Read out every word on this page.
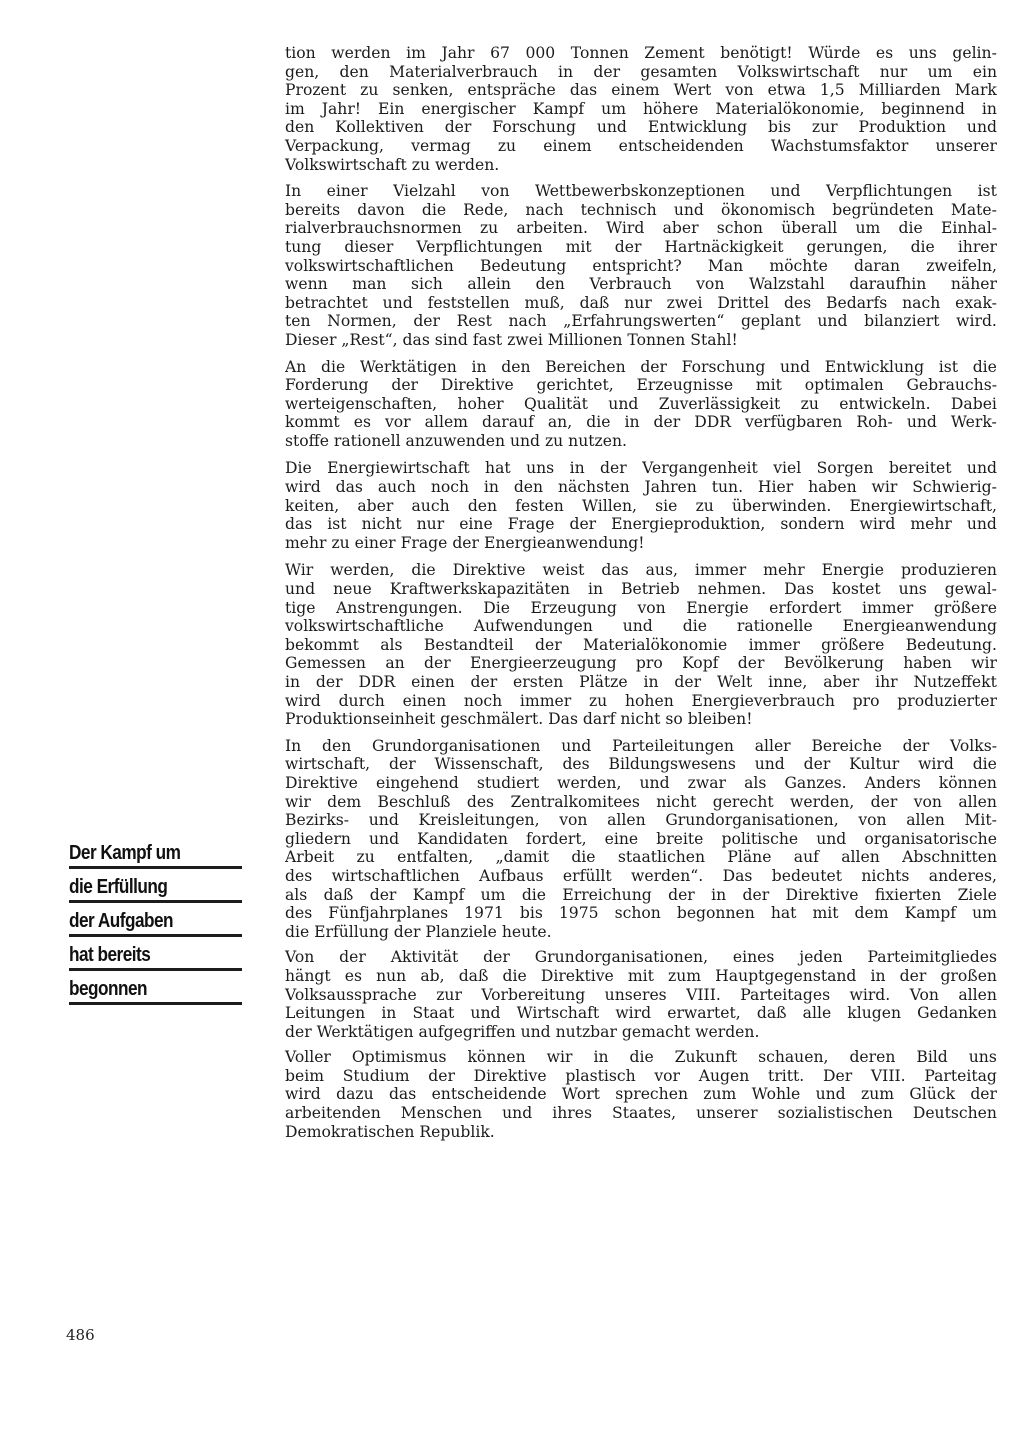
tion werden im Jahr 67 000 Tonnen Zement benötigt! Würde es uns gelin-
gen, den Materialverbrauch in der gesamten Volkswirtschaft nur um ein
Prozent zu senken, entspräche das einem Wert von etwa 1,5 Milliarden Mark
im Jahr! Ein energischer Kampf um höhere Materialökonomie, beginnend in
den Kollektiven der Forschung und Entwicklung bis zur Produktion und
Verpackung, vermag zu einem entscheidenden Wachstumsfaktor unserer
Volkswirtschaft zu werden.
In einer Vielzahl von Wettbewerbskonzeptionen und Verpflichtungen ist
bereits davon die Rede, nach technisch und ökonomisch begründeten Mate-
rialverbrauchsnormen zu arbeiten. Wird aber schon überall um die Einhal-
tung dieser Verpflichtungen mit der Hartnäckigkeit gerungen, die ihrer
volkswirtschaftlichen Bedeutung entspricht? Man möchte daran zweifeln,
wenn man sich allein den Verbrauch von Walzstahl daraufhin näher
betrachtet und feststellen muß, daß nur zwei Drittel des Bedarfs nach exak-
ten Normen, der Rest nach „Erfahrungswerten“ geplant und bilanziert wird.
Dieser „Rest“, das sind fast zwei Millionen Tonnen Stahl!
An die Werktätigen in den Bereichen der Forschung und Entwicklung ist die
Forderung der Direktive gerichtet, Erzeugnisse mit optimalen Gebrauchs-
werteigenschaften, hoher Qualität und Zuverlässigkeit zu entwickeln. Dabei
kommt es vor allem darauf an, die in der DDR verfügbaren Roh- und Werk-
stoffe rationell anzuwenden und zu nutzen.
Die Energiewirtschaft hat uns in der Vergangenheit viel Sorgen bereitet und
wird das auch noch in den nächsten Jahren tun. Hier haben wir Schwierig-
keiten, aber auch den festen Willen, sie zu überwinden. Energiewirtschaft,
das ist nicht nur eine Frage der Energieproduktion, sondern wird mehr und
mehr zu einer Frage der Energieanwendung!
Wir werden, die Direktive weist das aus, immer mehr Energie produzieren
und neue Kraftwerkskapazitäten in Betrieb nehmen. Das kostet uns gewal-
tige Anstrengungen. Die Erzeugung von Energie erfordert immer größere
volkswirtschaftliche Aufwendungen und die rationelle Energieanwendung
bekommt als Bestandteil der Materialökonomie immer größere Bedeutung.
Gemessen an der Energieerzeugung pro Kopf der Bevölkerung haben wir
in der DDR einen der ersten Plätze in der Welt inne, aber ihr Nutzeffekt
wird durch einen noch immer zu hohen Energieverbrauch pro produzierter
Produktionseinheit geschmälert. Das darf nicht so bleiben!
In den Grundorganisationen und Parteileitungen aller Bereiche der Volks-
wirtschaft, der Wissenschaft, des Bildungswesens und der Kultur wird die
Direktive eingehend studiert werden, und zwar als Ganzes. Anders können
wir dem Beschluß des Zentralkomitees nicht gerecht werden, der von allen
Bezirks- und Kreisleitungen, von allen Grundorganisationen, von allen Mit-
gliedern und Kandidaten fordert, eine breite politische und organisatorische
Arbeit zu entfalten, „damit die staatlichen Pläne auf allen Abschnitten
des wirtschaftlichen Aufbaus erfüllt werden“. Das bedeutet nichts anderes,
als daß der Kampf um die Erreichung der in der Direktive fixierten Ziele
des Fünfjahrplanes 1971 bis 1975 schon begonnen hat mit dem Kampf um
die Erfüllung der Planziele heute.
Von der Aktivität der Grundorganisationen, eines jeden Parteimitgliedes
hängt es nun ab, daß die Direktive mit zum Hauptgegenstand in der großen
Volksaussprache zur Vorbereitung unseres VIII. Parteitages wird. Von allen
Leitungen in Staat und Wirtschaft wird erwartet, daß alle klugen Gedanken
der Werktätigen aufgegriffen und nutzbar gemacht werden.
Voller Optimismus können wir in die Zukunft schauen, deren Bild uns
beim Studium der Direktive plastisch vor Augen tritt. Der VIII. Parteitag
wird dazu das entscheidende Wort sprechen zum Wohle und zum Glück der
arbeitenden Menschen und ihres Staates, unserer sozialistischen Deutschen
Demokratischen Republik.
Der Kampf um
die Erfüllung
der Aufgaben
hat bereits
begonnen
486
